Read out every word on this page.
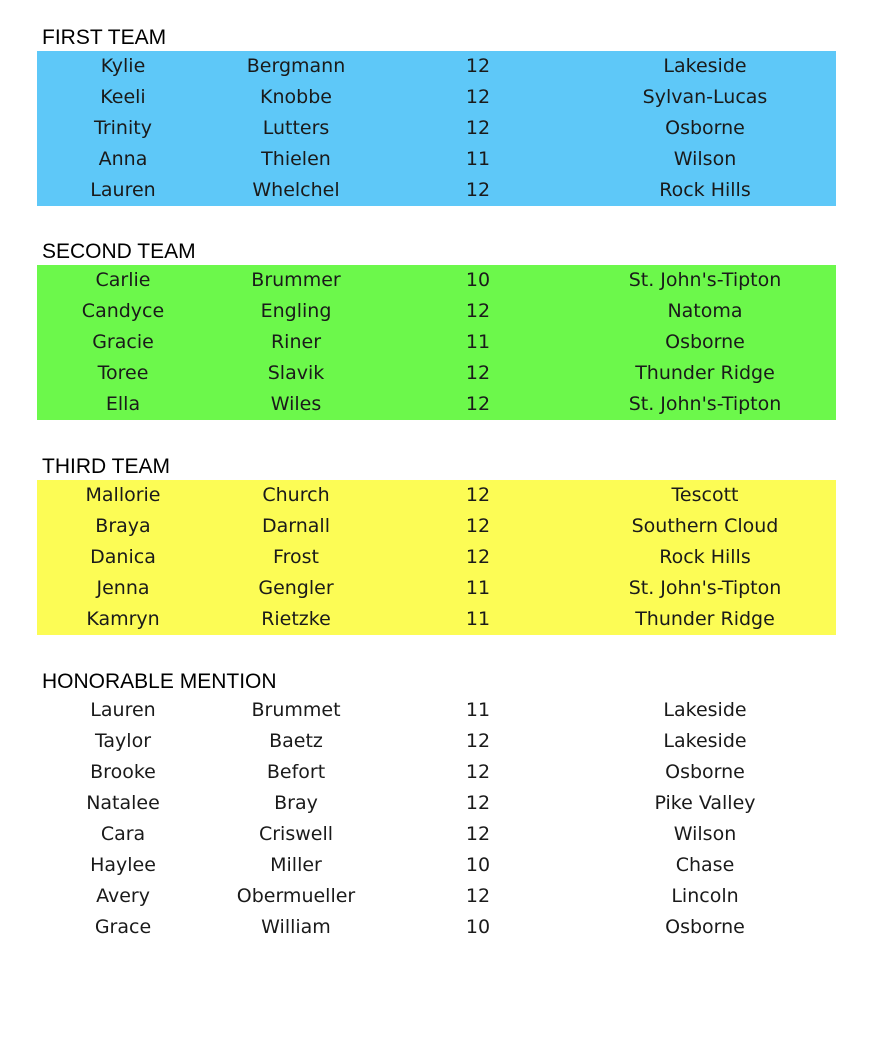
FIRST TEAM
Kylie	Bergmann	12	Lakeside
Keeli	Knobbe	12	Sylvan-Lucas
Trinity	Lutters	12	Osborne
Anna	Thielen	11	Wilson
Lauren	Whelchel	12	Rock Hills
SECOND TEAM
Carlie	Brummer	10	St. John's-Tipton
Candyce	Engling	12	Natoma
Gracie	Riner	11	Osborne
Toree	Slavik	12	Thunder Ridge
Ella	Wiles	12	St. John's-Tipton
THIRD TEAM
Mallorie	Church	12	Tescott
Braya	Darnall	12	Southern Cloud
Danica	Frost	12	Rock Hills
Jenna	Gengler	11	St. John's-Tipton
Kamryn	Rietzke	11	Thunder Ridge
HONORABLE MENTION
Lauren	Brummet	11	Lakeside
Taylor	Baetz	12	Lakeside
Brooke	Befort	12	Osborne
Natalee	Bray	12	Pike Valley
Cara	Criswell	12	Wilson
Haylee	Miller	10	Chase
Avery	Obermueller	12	Lincoln
Grace	William	10	Osborne
